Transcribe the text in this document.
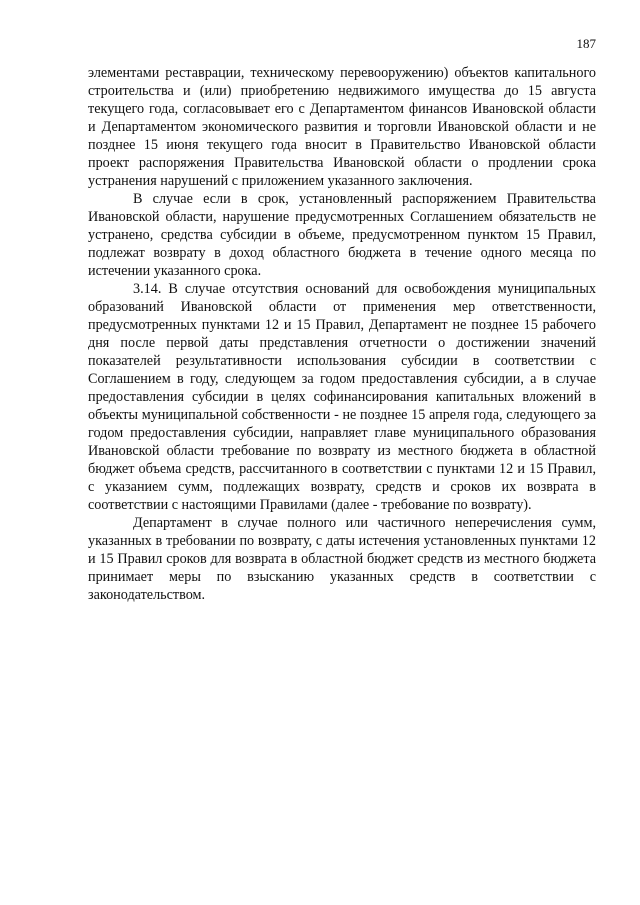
187

элементами реставрации, техническому перевооружению) объектов капитального строительства и (или) приобретению недвижимого имущества до 15 августа текущего года, согласовывает его с Департаментом финансов Ивановской области и Департаментом экономического развития и торговли Ивановской области и не позднее 15 июня текущего года вносит в Правительство Ивановской области проект распоряжения Правительства Ивановской области о продлении срока устранения нарушений с приложением указанного заключения.

В случае если в срок, установленный распоряжением Правительства Ивановской области, нарушение предусмотренных Соглашением обязательств не устранено, средства субсидии в объеме, предусмотренном пунктом 15 Правил, подлежат возврату в доход областного бюджета в течение одного месяца по истечении указанного срока.

3.14. В случае отсутствия оснований для освобождения муниципальных образований Ивановской области от применения мер ответственности, предусмотренных пунктами 12 и 15 Правил, Департамент не позднее 15 рабочего дня после первой даты представления отчетности о достижении значений показателей результативности использования субсидии в соответствии с Соглашением в году, следующем за годом предоставления субсидии, а в случае предоставления субсидии в целях софинансирования капитальных вложений в объекты муниципальной собственности - не позднее 15 апреля года, следующего за годом предоставления субсидии, направляет главе муниципального образования Ивановской области требование по возврату из местного бюджета в областной бюджет объема средств, рассчитанного в соответствии с пунктами 12 и 15 Правил, с указанием сумм, подлежащих возврату, средств и сроков их возврата в соответствии с настоящими Правилами (далее - требование по возврату).

Департамент в случае полного или частичного неперечисления сумм, указанных в требовании по возврату, с даты истечения установленных пунктами 12 и 15 Правил сроков для возврата в областной бюджет средств из местного бюджета принимает меры по взысканию указанных средств в соответствии с законодательством.
